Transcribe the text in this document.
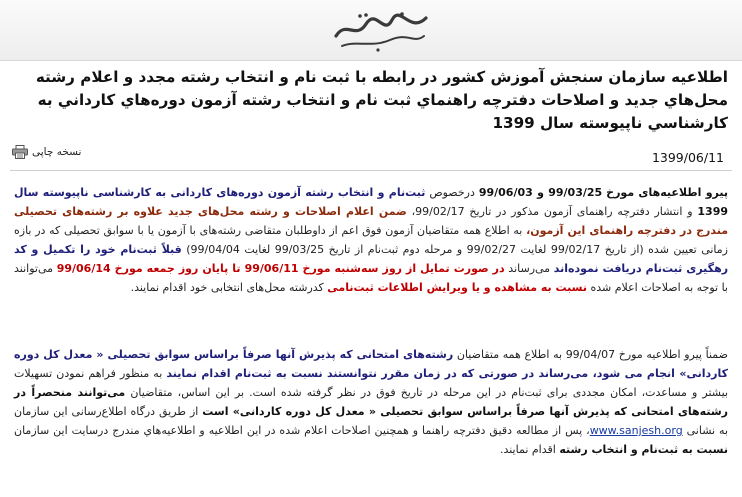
اطلاعیه سازمان سنجش آموزش کشور در رابطه با ثبت نام و انتخاب رشته مجدد و اعلام رشته محل‌هاي جدید و اصلاحات دفترچه راهنماي ثبت نام و انتخاب رشته آزمون دوره‌هاي کارداني به کارشناسي ناپیوسته سال 1399
نسخه چاپی	1399/06/11
پیرو اطلاعیه‌های مورخ 99/03/25 و 99/06/03 درخصوص ثبت‌نام و انتخاب رشته آزمون دوره‌های کاردانی به کارشناسی ناپیوسته سال 1399 و انتشار دفترچه راهنمای آزمون مذکور در تاریخ 99/02/17، ضمن اعلام اصلاحات و رشته محل‌های جدید علاوه بر رشته‌های تحصیلی مندرج در دفترچه راهنمای این آزمون، به اطلاع همه متقاضیان آزمون فوق اعم از داوطلبان متقاضی رشته‌های با آزمون یا با سوابق تحصیلی که در بازه زمانی تعیین شده (از تاریخ 99/02/17 لغایت 99/02/27 و مرحله دوم ثبت‌نام از تاریخ 99/03/25 لغایت 99/04/04) قبلاً ثبت‌نام خود را تکمیل و کد رهگیری ثبت‌نام دریافت نموده‌اند می‌رساند در صورت تمایل از روز سه‌شنبه مورخ 99/06/11 تا پایان روز جمعه مورخ 99/06/14 می‌توانند با توجه به اصلاحات اعلام شده نسبت به مشاهده و یا ویرایش اطلاعات ثبت‌نامی کدرشته محل‌های انتخابی خود اقدام نمایند.
ضمناً پیرو اطلاعیه مورخ 99/04/07 به اطلاع همه متقاضیان رشته‌های امتحانی که پذیرش آنها صرفاً براساس سوابق تحصیلی « معدل کل دوره کاردانی» انجام می شود، می‌رساند در صورتی که در زمان مقرر نتوانستند نسبت به ثبت‌نام اقدام نمایند به منظور فراهم نمودن تسهیلات بیشتر و مساعدت، امکان مجددی برای ثبت‌نام در این مرحله در تاریخ فوق در نظر گرفته شده است. بر این اساس، متقاضیان می‌توانند منحصراً در رشته‌های امتحانی که پذیرش آنها صرفاً براساس سوابق تحصیلی « معدل کل دوره کاردانی» است از طریق درگاه اطلاع‌رسانی این سازمان به نشانی www.sanjesh.org، پس از مطالعه دقیق دفترچه راهنما و همچنین اصلاحات اعلام شده در این اطلاعیه و اطلاعیه‌هاي مندرج درسایت این سازمان نسبت به ثبت‌نام و انتخاب رشته اقدام نمایند.
